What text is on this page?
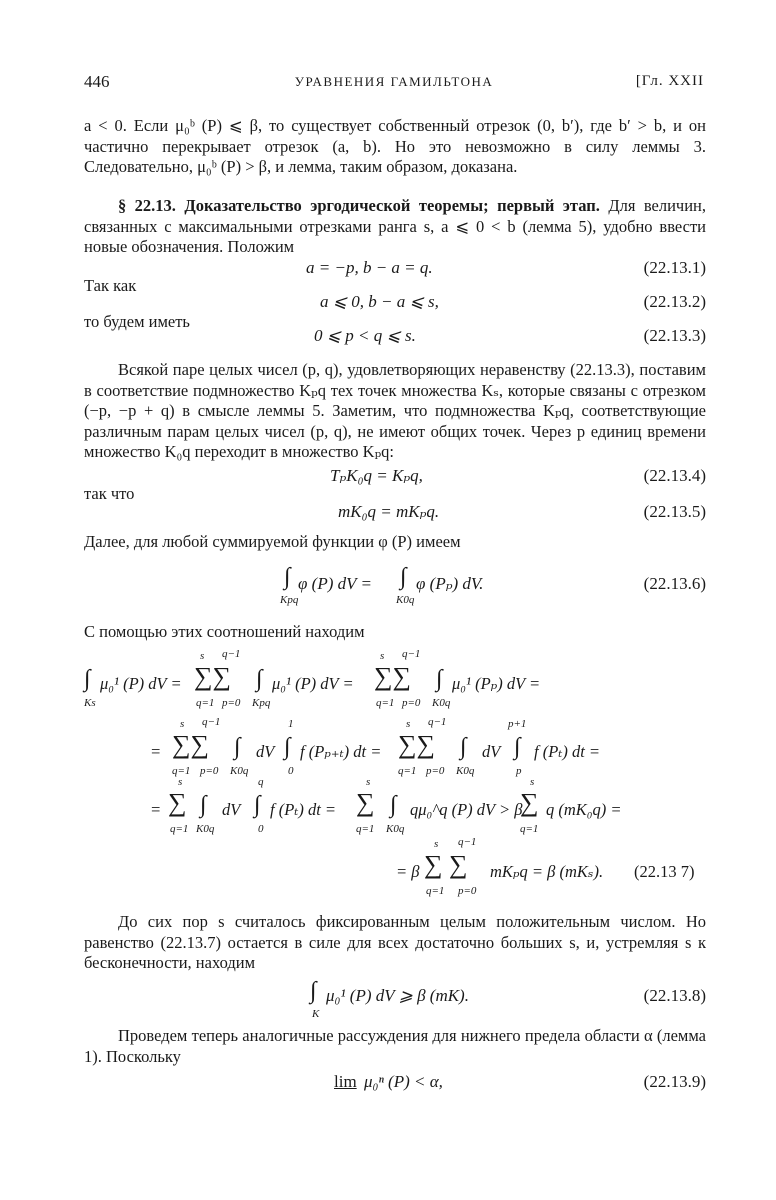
446	УРАВНЕНИЯ ГАМИЛЬТОНА	[Гл. XXII

a < 0. Если μ₀ᵇ (P) ⩽ β, то существует собственный отрезок (0, b′), где b′ > b, и он частично перекрывает отрезок (a, b). Но это невозможно в силу леммы 3. Следовательно, μ₀ᵇ (P) > β, и лемма, таким образом, доказана.

§ 22.13. Доказательство эргодической теоремы; первый этап. Для величин, связанных с максимальными отрезками ранга s, a ⩽ 0 < b (лемма 5), удобно ввести новые обозначения. Положим

a = −p, b − a = q.	(22.13.1)

Так как

a ⩽ 0, b − a ⩽ s,	(22.13.2)

то будем иметь

0 ⩽ p < q ⩽ s.	(22.13.3)

Всякой паре целых чисел (p, q), удовлетворяющих неравенству (22.13.3), поставим в соответствие подмножество Kₚq тех точек множества Kₛ, которые связаны с отрезком (−p, −p + q) в смысле леммы 5. Заметим, что подмножества Kₚq, соответствующие различным парам целых чисел (p, q), не имеют общих точек. Через p единиц времени множество K₀q переходит в множество Kₚq:

TₚK₀q = Kₚq,	(22.13.4)

так что

mK₀q = mKₚq.	(22.13.5)

Далее, для любой суммируемой функции φ (P) имеем

∫
Kpq
φ (P) dV = ∫
K0q
φ (Pₚ) dV.	(22.13.6)

С помощью этих соотношений находим

∫
Ks
μ₀¹ (P) dV =
s q−1
∑∑
q=1 p=0
∫
Kpq
μ₀¹ (P) dV =
s q−1
∑∑
q=1 p=0
∫
K0q
μ₀¹ (Pₚ) dV =
=
s q−1
∑∑
q=1 p=0
∫
K0q
dV
1
∫
0
f (Pₚ₊ₜ) dt =
s q−1
∑∑
q=1 p=0
∫
K0q
dV
p+1
∫
p
f (Pₜ) dt =
=
s
∑
q=1
∫
K0q
dV
q
∫
0
f (Pₜ) dt =
s
∑
q=1
∫
K0q
qμ₀^q (P) dV > β
s
∑
q=1
q (mK₀q) =
= β
s q−1
∑ ∑
q=1 p=0
mKₚq = β (mKₛ). (22.13 7)

До сих пор s считалось фиксированным целым положительным числом. Но равенство (22.13.7) остается в силе для всех достаточно больших s, и, устремляя s к бесконечности, находим

∫
K
μ₀¹ (P) dV ⩾ β (mK).	(22.13.8)

Проведем теперь аналогичные рассуждения для нижнего предела области α (лемма 1). Поскольку

lim μ₀ⁿ (P) < α,	(22.13.9)
